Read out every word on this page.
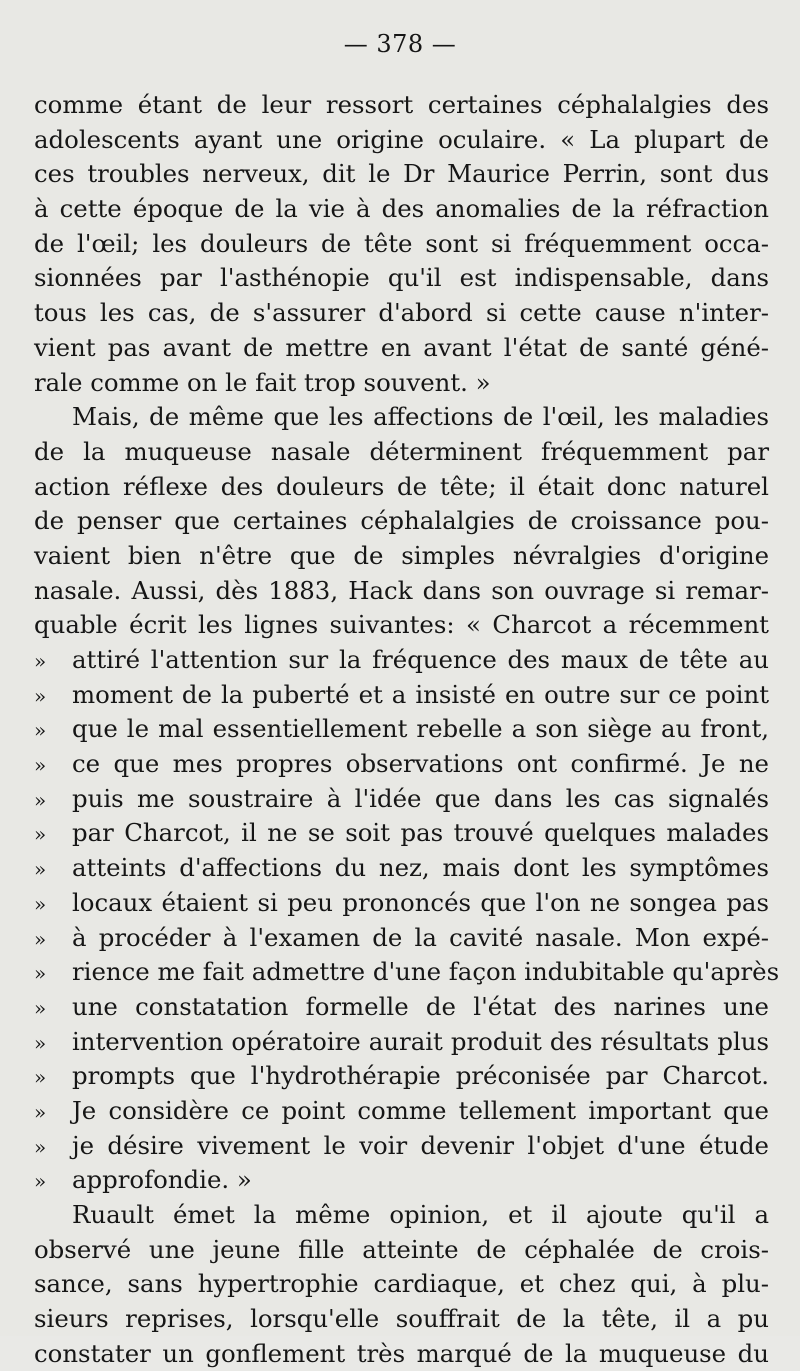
— 378 —
comme étant de leur ressort certaines céphalalgies des
adolescents ayant une origine oculaire. « La plupart de
ces troubles nerveux, dit le Dr Maurice Perrin, sont dus
à cette époque de la vie à des anomalies de la réfraction
de l'œil; les douleurs de tête sont si fréquemment occa-
sionnées par l'asthénopie qu'il est indispensable, dans
tous les cas, de s'assurer d'abord si cette cause n'inter-
vient pas avant de mettre en avant l'état de santé géné-
rale comme on le fait trop souvent. »
Mais, de même que les affections de l'œil, les maladies
de la muqueuse nasale déterminent fréquemment par
action réflexe des douleurs de tête; il était donc naturel
de penser que certaines céphalalgies de croissance pou-
vaient bien n'être que de simples névralgies d'origine
nasale. Aussi, dès 1883, Hack dans son ouvrage si remar-
quable écrit les lignes suivantes: « Charcot a récemment
» attiré l'attention sur la fréquence des maux de tête au
» moment de la puberté et a insisté en outre sur ce point
» que le mal essentiellement rebelle a son siège au front,
» ce que mes propres observations ont confirmé. Je ne
» puis me soustraire à l'idée que dans les cas signalés
» par Charcot, il ne se soit pas trouvé quelques malades
» atteints d'affections du nez, mais dont les symptômes
» locaux étaient si peu prononcés que l'on ne songea pas
» à procéder à l'examen de la cavité nasale. Mon expé-
» rience me fait admettre d'une façon indubitable qu'après
» une constatation formelle de l'état des narines une
» intervention opératoire aurait produit des résultats plus
» prompts que l'hydrothérapie préconisée par Charcot.
» Je considère ce point comme tellement important que
» je désire vivement le voir devenir l'objet d'une étude
» approfondie. »
Ruault émet la même opinion, et il ajoute qu'il a
observé une jeune fille atteinte de céphalée de crois-
sance, sans hypertrophie cardiaque, et chez qui, à plu-
sieurs reprises, lorsqu'elle souffrait de la tête, il a pu
constater un gonflement très marqué de la muqueuse du
